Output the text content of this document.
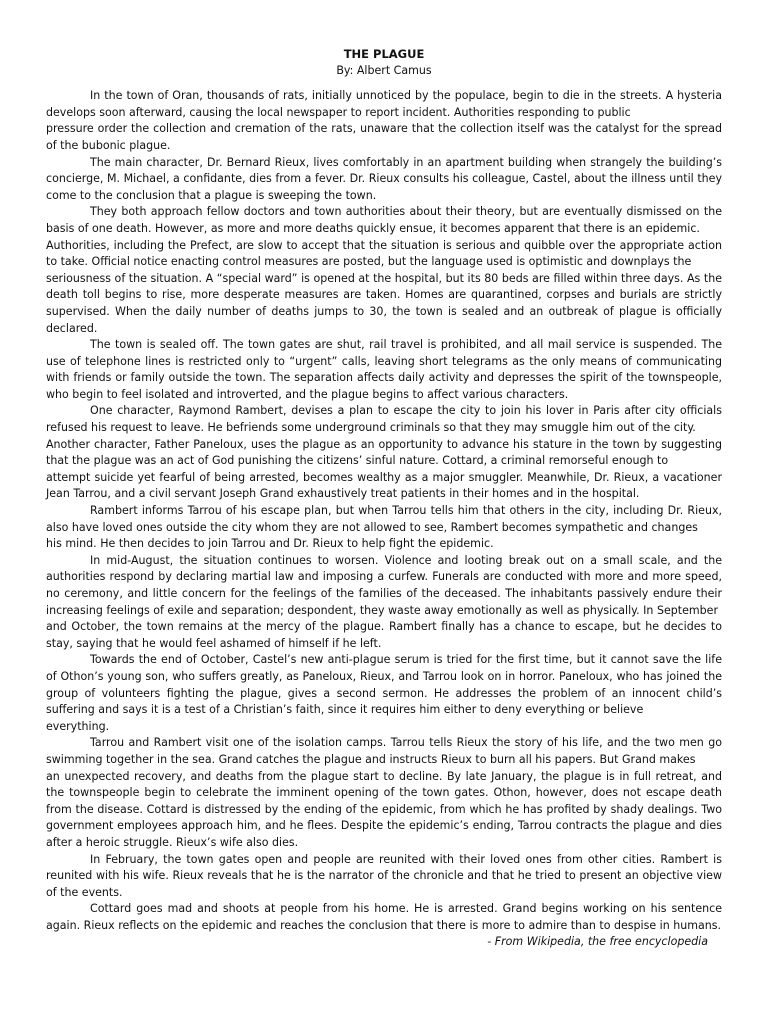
THE PLAGUE
By: Albert Camus

In the town of Oran, thousands of rats, initially unnoticed by the populace, begin to die in the streets. A hysteria develops soon afterward, causing the local newspaper to report incident. Authorities responding to public

pressure order the collection and cremation of the rats, unaware that the collection itself was the catalyst for the spread of the bubonic plague.

The main character, Dr. Bernard Rieux, lives comfortably in an apartment building when strangely the building’s concierge, M. Michael, a confidante, dies from a fever. Dr. Rieux consults his colleague, Castel, about the illness until they come to the conclusion that a plague is sweeping the town.

They both approach fellow doctors and town authorities about their theory, but are eventually dismissed on the basis of one death. However, as more and more deaths quickly ensue, it becomes apparent that there is an epidemic.

Authorities, including the Prefect, are slow to accept that the situation is serious and quibble over the appropriate action to take. Official notice enacting control measures are posted, but the language used is optimistic and downplays the

seriousness of the situation. A “special ward” is opened at the hospital, but its 80 beds are filled within three days. As the death toll begins to rise, more desperate measures are taken. Homes are quarantined, corpses and burials are strictly supervised. When the daily number of deaths jumps to 30, the town is sealed and an outbreak of plague is officially declared.

The town is sealed off. The town gates are shut, rail travel is prohibited, and all mail service is suspended. The use of telephone lines is restricted only to “urgent” calls, leaving short telegrams as the only means of communicating with friends or family outside the town. The separation affects daily activity and depresses the spirit of the townspeople, who begin to feel isolated and introverted, and the plague begins to affect various characters.

One character, Raymond Rambert, devises a plan to escape the city to join his lover in Paris after city officials refused his request to leave. He befriends some underground criminals so that they may smuggle him out of the city.

Another character, Father Paneloux, uses the plague as an opportunity to advance his stature in the town by suggesting that the plague was an act of God punishing the citizens’ sinful nature. Cottard, a criminal remorseful enough to

attempt suicide yet fearful of being arrested, becomes wealthy as a major smuggler. Meanwhile, Dr. Rieux, a vacationer Jean Tarrou, and a civil servant Joseph Grand exhaustively treat patients in their homes and in the hospital.

Rambert informs Tarrou of his escape plan, but when Tarrou tells him that others in the city, including Dr. Rieux, also have loved ones outside the city whom they are not allowed to see, Rambert becomes sympathetic and changes

his mind. He then decides to join Tarrou and Dr. Rieux to help fight the epidemic.

In mid-August, the situation continues to worsen. Violence and looting break out on a small scale, and the authorities respond by declaring martial law and imposing a curfew. Funerals are conducted with more and more speed, no ceremony, and little concern for the feelings of the families of the deceased. The inhabitants passively endure their increasing feelings of exile and separation; despondent, they waste away emotionally as well as physically. In September

and October, the town remains at the mercy of the plague. Rambert finally has a chance to escape, but he decides to stay, saying that he would feel ashamed of himself if he left.

Towards the end of October, Castel’s new anti-plague serum is tried for the first time, but it cannot save the life of Othon’s young son, who suffers greatly, as Paneloux, Rieux, and Tarrou look on in horror. Paneloux, who has joined the group of volunteers fighting the plague, gives a second sermon. He addresses the problem of an innocent child’s suffering and says it is a test of a Christian’s faith, since it requires him either to deny everything or believe

everything.

Tarrou and Rambert visit one of the isolation camps. Tarrou tells Rieux the story of his life, and the two men go swimming together in the sea. Grand catches the plague and instructs Rieux to burn all his papers. But Grand makes

an unexpected recovery, and deaths from the plague start to decline. By late January, the plague is in full retreat, and the townspeople begin to celebrate the imminent opening of the town gates. Othon, however, does not escape death from the disease. Cottard is distressed by the ending of the epidemic, from which he has profited by shady dealings. Two government employees approach him, and he flees. Despite the epidemic’s ending, Tarrou contracts the plague and dies after a heroic struggle. Rieux’s wife also dies.

In February, the town gates open and people are reunited with their loved ones from other cities. Rambert is reunited with his wife. Rieux reveals that he is the narrator of the chronicle and that he tried to present an objective view of the events.

Cottard goes mad and shoots at people from his home. He is arrested. Grand begins working on his sentence again. Rieux reflects on the epidemic and reaches the conclusion that there is more to admire than to despise in humans.

- From Wikipedia, the free encyclopedia
